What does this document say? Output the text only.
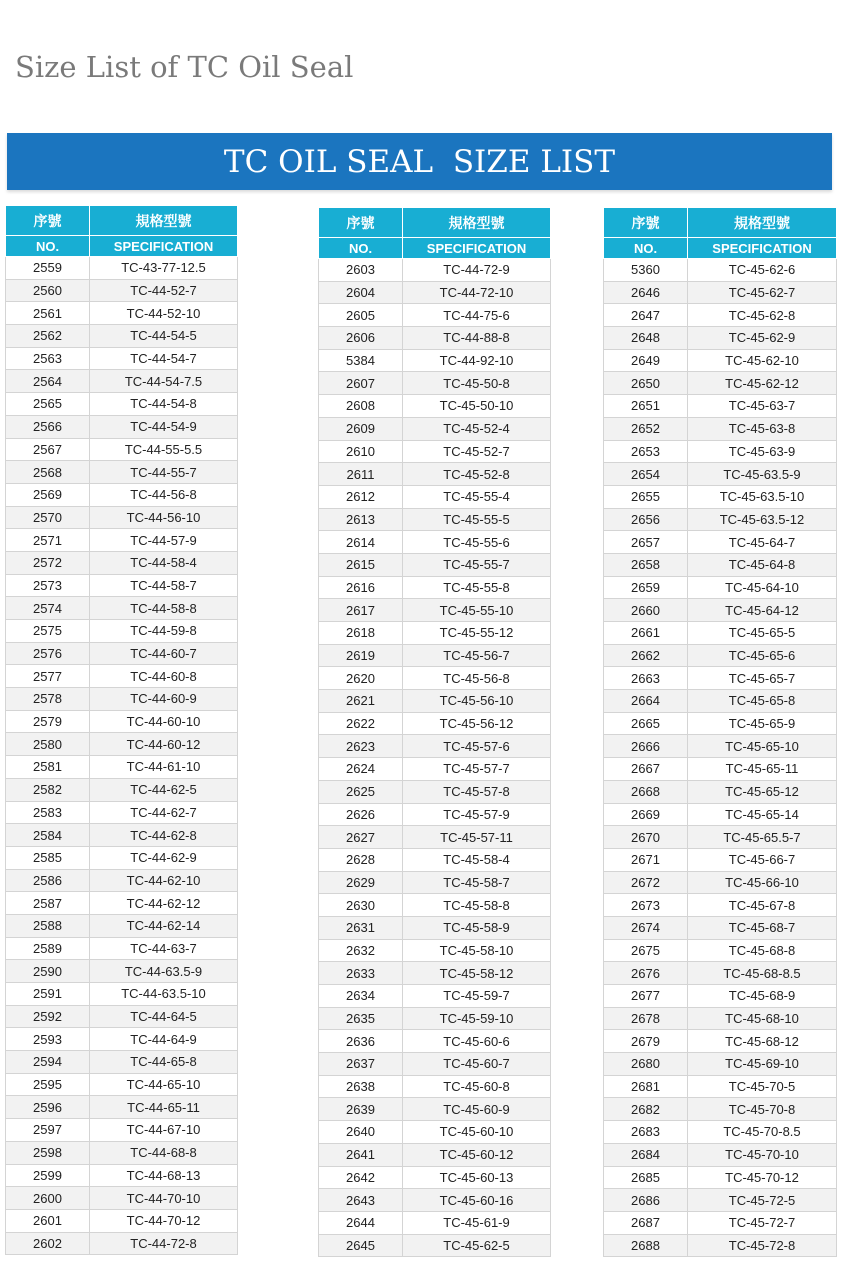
Size List of TC Oil Seal
TC OIL SEAL  SIZE LIST
序號	規格型號
NO.	SPECIFICATION
2559	TC-43-77-12.5
2560	TC-44-52-7
2561	TC-44-52-10
2562	TC-44-54-5
2563	TC-44-54-7
2564	TC-44-54-7.5
2565	TC-44-54-8
2566	TC-44-54-9
2567	TC-44-55-5.5
2568	TC-44-55-7
2569	TC-44-56-8
2570	TC-44-56-10
2571	TC-44-57-9
2572	TC-44-58-4
2573	TC-44-58-7
2574	TC-44-58-8
2575	TC-44-59-8
2576	TC-44-60-7
2577	TC-44-60-8
2578	TC-44-60-9
2579	TC-44-60-10
2580	TC-44-60-12
2581	TC-44-61-10
2582	TC-44-62-5
2583	TC-44-62-7
2584	TC-44-62-8
2585	TC-44-62-9
2586	TC-44-62-10
2587	TC-44-62-12
2588	TC-44-62-14
2589	TC-44-63-7
2590	TC-44-63.5-9
2591	TC-44-63.5-10
2592	TC-44-64-5
2593	TC-44-64-9
2594	TC-44-65-8
2595	TC-44-65-10
2596	TC-44-65-11
2597	TC-44-67-10
2598	TC-44-68-8
2599	TC-44-68-13
2600	TC-44-70-10
2601	TC-44-70-12
2602	TC-44-72-8
序號	規格型號
NO.	SPECIFICATION
2603	TC-44-72-9
2604	TC-44-72-10
2605	TC-44-75-6
2606	TC-44-88-8
5384	TC-44-92-10
2607	TC-45-50-8
2608	TC-45-50-10
2609	TC-45-52-4
2610	TC-45-52-7
2611	TC-45-52-8
2612	TC-45-55-4
2613	TC-45-55-5
2614	TC-45-55-6
2615	TC-45-55-7
2616	TC-45-55-8
2617	TC-45-55-10
2618	TC-45-55-12
2619	TC-45-56-7
2620	TC-45-56-8
2621	TC-45-56-10
2622	TC-45-56-12
2623	TC-45-57-6
2624	TC-45-57-7
2625	TC-45-57-8
2626	TC-45-57-9
2627	TC-45-57-11
2628	TC-45-58-4
2629	TC-45-58-7
2630	TC-45-58-8
2631	TC-45-58-9
2632	TC-45-58-10
2633	TC-45-58-12
2634	TC-45-59-7
2635	TC-45-59-10
2636	TC-45-60-6
2637	TC-45-60-7
2638	TC-45-60-8
2639	TC-45-60-9
2640	TC-45-60-10
2641	TC-45-60-12
2642	TC-45-60-13
2643	TC-45-60-16
2644	TC-45-61-9
2645	TC-45-62-5
序號	規格型號
NO.	SPECIFICATION
5360	TC-45-62-6
2646	TC-45-62-7
2647	TC-45-62-8
2648	TC-45-62-9
2649	TC-45-62-10
2650	TC-45-62-12
2651	TC-45-63-7
2652	TC-45-63-8
2653	TC-45-63-9
2654	TC-45-63.5-9
2655	TC-45-63.5-10
2656	TC-45-63.5-12
2657	TC-45-64-7
2658	TC-45-64-8
2659	TC-45-64-10
2660	TC-45-64-12
2661	TC-45-65-5
2662	TC-45-65-6
2663	TC-45-65-7
2664	TC-45-65-8
2665	TC-45-65-9
2666	TC-45-65-10
2667	TC-45-65-11
2668	TC-45-65-12
2669	TC-45-65-14
2670	TC-45-65.5-7
2671	TC-45-66-7
2672	TC-45-66-10
2673	TC-45-67-8
2674	TC-45-68-7
2675	TC-45-68-8
2676	TC-45-68-8.5
2677	TC-45-68-9
2678	TC-45-68-10
2679	TC-45-68-12
2680	TC-45-69-10
2681	TC-45-70-5
2682	TC-45-70-8
2683	TC-45-70-8.5
2684	TC-45-70-10
2685	TC-45-70-12
2686	TC-45-72-5
2687	TC-45-72-7
2688	TC-45-72-8
